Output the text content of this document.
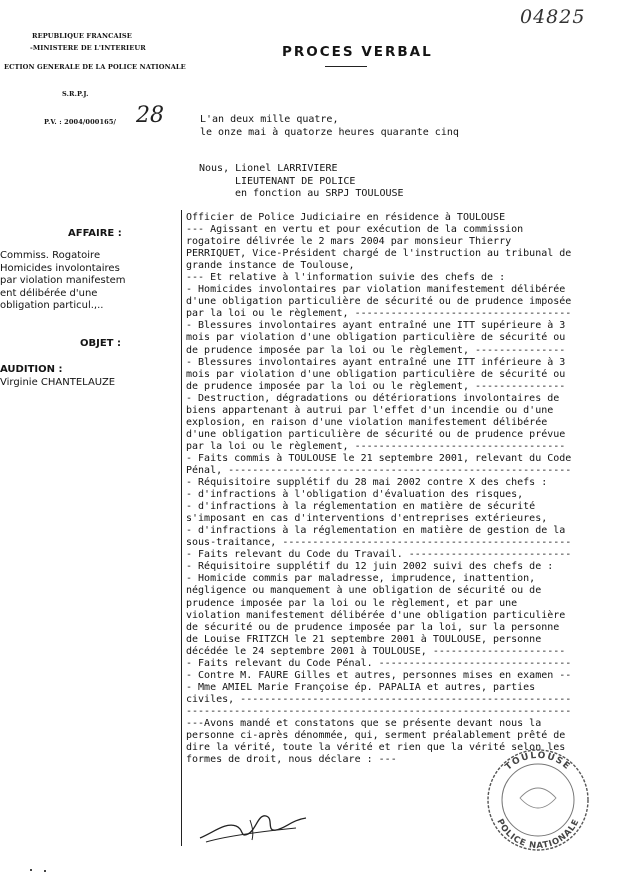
REPUBLIQUE FRANCAISE
-MINISTERE DE L'INTERIEUR
ECTION GENERALE DE LA POLICE NATIONALE
S.R.P.J.
P.V. : 2004/000165/ 28
04825
PROCES VERBAL
L'an deux mille quatre,
le onze mai à quatorze heures quarante cinq
Nous, Lionel LARRIVIERE
LIEUTENANT DE POLICE
en fonction au SRPJ TOULOUSE
AFFAIRE :
Commiss. Rogatoire
Homicides involontaires
par violation manifestem
ent délibérée d'une
obligation particul.,..
OBJET :
AUDITION :
Virginie CHANTELAUZE
Officier de Police Judiciaire en résidence à TOULOUSE
--- Agissant en vertu et pour exécution de la commission
rogatoire délivrée le 2 mars 2004 par monsieur Thierry
PERRIQUET, Vice-Président chargé de l'instruction au tribunal de
grande instance de Toulouse,
--- Et relative à l'information suivie des chefs de :
- Homicides involontaires par violation manifestement délibérée
d'une obligation particulière de sécurité ou de prudence imposée
par la loi ou le règlement, ------------------------------------
- Blessures involontaires ayant entraîné une ITT supérieure à 3
mois par violation d'une obligation particulière de sécurité ou
de prudence imposée par la loi ou le règlement, ---------------
- Blessures involontaires ayant entraîné une ITT inférieure à 3
mois par violation d'une obligation particulière de sécurité ou
de prudence imposée par la loi ou le règlement, ---------------
- Destruction, dégradations ou détériorations involontaires de
biens appartenant à autrui par l'effet d'un incendie ou d'une
explosion, en raison d'une violation manifestement délibérée
d'une obligation particulière de sécurité ou de prudence prévue
par la loi ou le règlement, -----------------------------------
- Faits commis à TOULOUSE le 21 septembre 2001, relevant du Code
Pénal, ---------------------------------------------------------
- Réquisitoire supplétif du 28 mai 2002 contre X des chefs :
- d'infractions à l'obligation d'évaluation des risques,
- d'infractions à la réglementation en matière de sécurité
s'imposant en cas d'interventions d'entreprises extérieures,
- d'infractions à la réglementation en matière de gestion de la
sous-traitance, ------------------------------------------------
- Faits relevant du Code du Travail. ---------------------------
- Réquisitoire supplétif du 12 juin 2002 suivi des chefs de :
- Homicide commis par maladresse, imprudence, inattention,
négligence ou manquement à une obligation de sécurité ou de
prudence imposée par la loi ou le règlement, et par une
violation manifestement délibérée d'une obligation particulière
de sécurité ou de prudence imposée par la loi, sur la personne
de Louise FRITZCH le 21 septembre 2001 à TOULOUSE, personne
décédée le 24 septembre 2001 à TOULOUSE, ----------------------
- Faits relevant du Code Pénal. --------------------------------
- Contre M. FAURE Gilles et autres, personnes mises en examen --
- Mme AMIEL Marie Françoise ép. PAPALIA et autres, parties
civiles, -------------------------------------------------------
----------------------------------------------------------------
---Avons mandé et constatons que se présente devant nous la
personne ci-après dénommée, qui, serment préalablement prêté de
dire la vérité, toute la vérité et rien que la vérité selon les
formes de droit, nous déclare : ---
TOULOUSE
POLICE NATIONALE
